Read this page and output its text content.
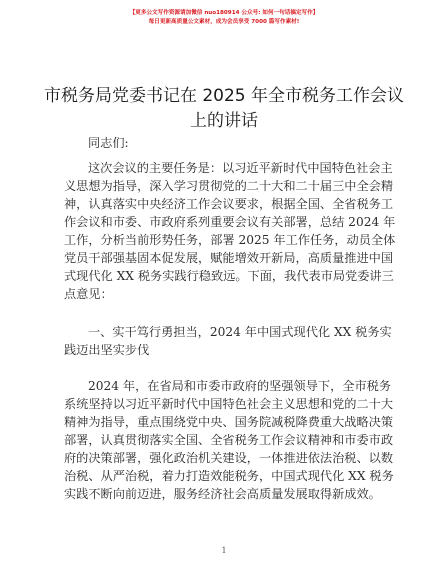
【更多公文写作资源请加微信 nuo180914 公众号: 如何一句话搞定写作】
每日更新高质量公文素材，成为会员享受 7000 篇写作素材!
市税务局党委书记在 2025 年全市税务工作会议
上的讲话
同志们:
这次会议的主要任务是：以习近平新时代中国特色社会主
义思想为指导，深入学习贯彻党的二十大和二十届三中全会精
神，认真落实中央经济工作会议要求，根据全国、全省税务工
作会议和市委、市政府系列重要会议有关部署，总结 2024 年
工作，分析当前形势任务，部署 2025 年工作任务，动员全体
党员干部强基固本促发展，赋能增效开新局，高质量推进中国
式现代化 XX 税务实践行稳致远。下面，我代表市局党委讲三
点意见：
一、实干笃行勇担当，2024 年中国式现代化 XX 税务实
践迈出坚实步伐
2024 年，在省局和市委市政府的坚强领导下，全市税务
系统坚持以习近平新时代中国特色社会主义思想和党的二十大
精神为指导，重点围绕党中央、国务院减税降费重大战略决策
部署，认真贯彻落实全国、全省税务工作会议精神和市委市政
府的决策部署，强化政治机关建设，一体推进依法治税、以数
治税、从严治税，着力打造效能税务，中国式现代化 XX 税务
实践不断向前迈进，服务经济社会高质量发展取得新成效。
1
